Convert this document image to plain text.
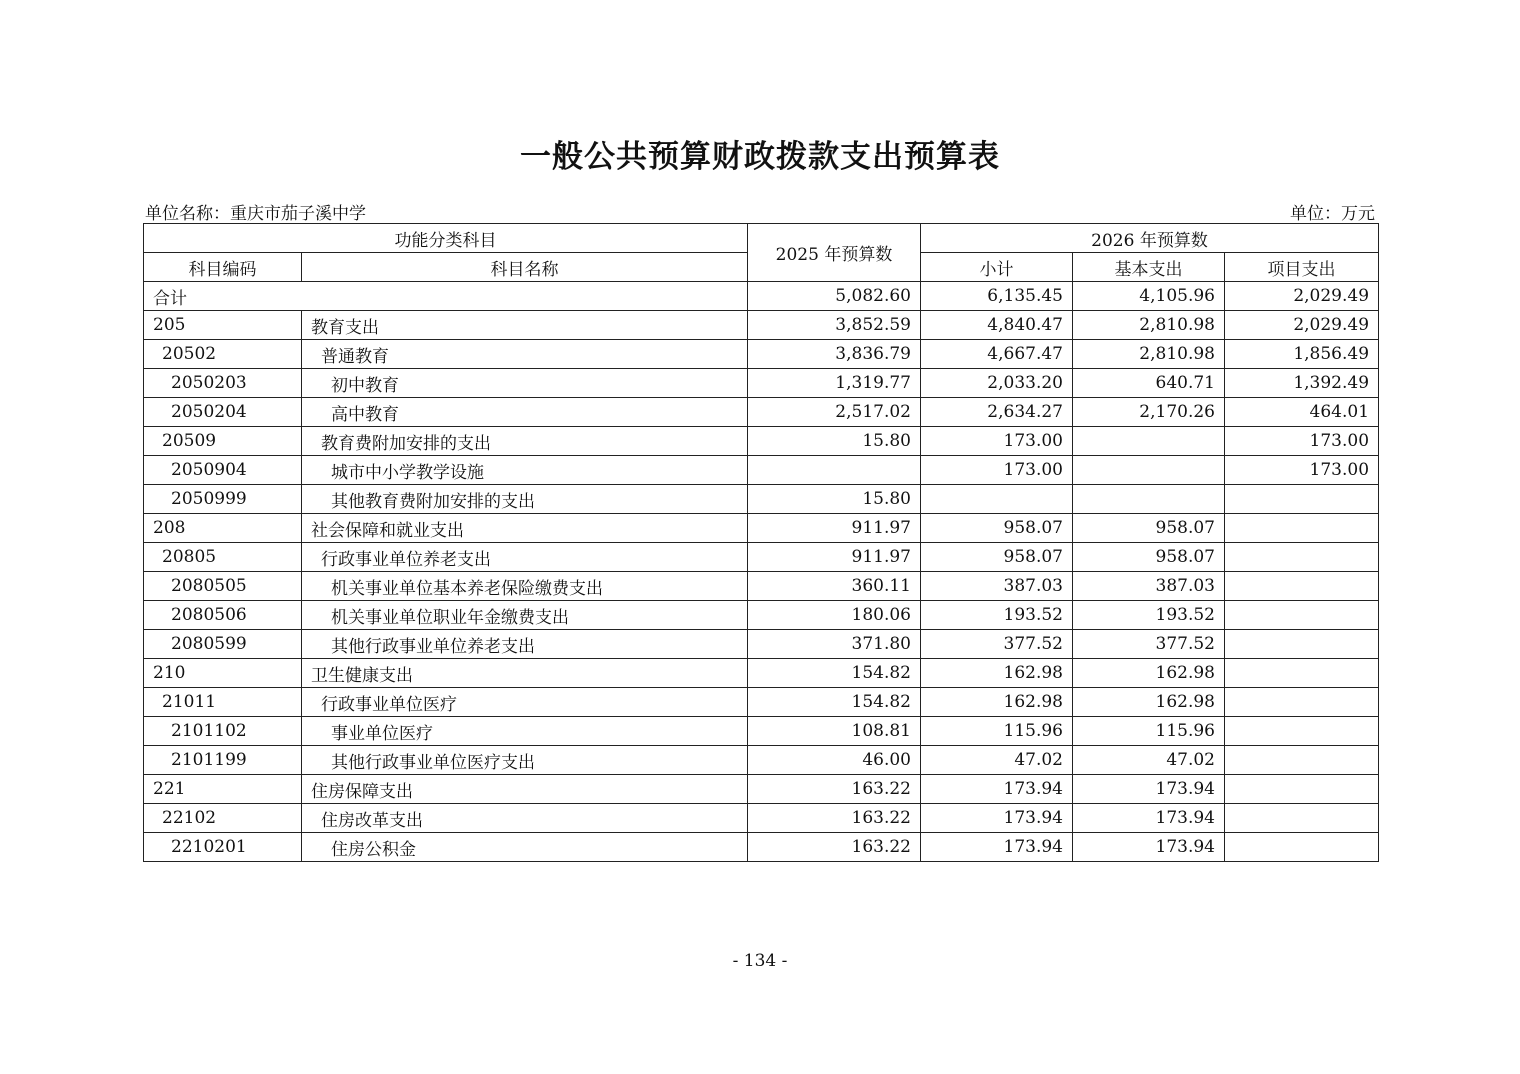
一般公共预算财政拨款支出预算表
单位名称：重庆市茄子溪中学	单位：万元
功能分类科目		2025 年预算数	2026 年预算数		
科目编码	科目名称		小计	基本支出	项目支出
合计		5,082.60	6,135.45	4,105.96	2,029.49
205	教育支出	3,852.59	4,840.47	2,810.98	2,029.49
20502	普通教育	3,836.79	4,667.47	2,810.98	1,856.49
2050203	初中教育	1,319.77	2,033.20	640.71	1,392.49
2050204	高中教育	2,517.02	2,634.27	2,170.26	464.01
20509	教育费附加安排的支出	15.80	173.00		173.00
2050904	城市中小学教学设施		173.00		173.00
2050999	其他教育费附加安排的支出	15.80			
208	社会保障和就业支出	911.97	958.07	958.07	
20805	行政事业单位养老支出	911.97	958.07	958.07	
2080505	机关事业单位基本养老保险缴费支出	360.11	387.03	387.03	
2080506	机关事业单位职业年金缴费支出	180.06	193.52	193.52	
2080599	其他行政事业单位养老支出	371.80	377.52	377.52	
210	卫生健康支出	154.82	162.98	162.98	
21011	行政事业单位医疗	154.82	162.98	162.98	
2101102	事业单位医疗	108.81	115.96	115.96	
2101199	其他行政事业单位医疗支出	46.00	47.02	47.02	
221	住房保障支出	163.22	173.94	173.94	
22102	住房改革支出	163.22	173.94	173.94	
2210201	住房公积金	163.22	173.94	173.94	
- 134 -
